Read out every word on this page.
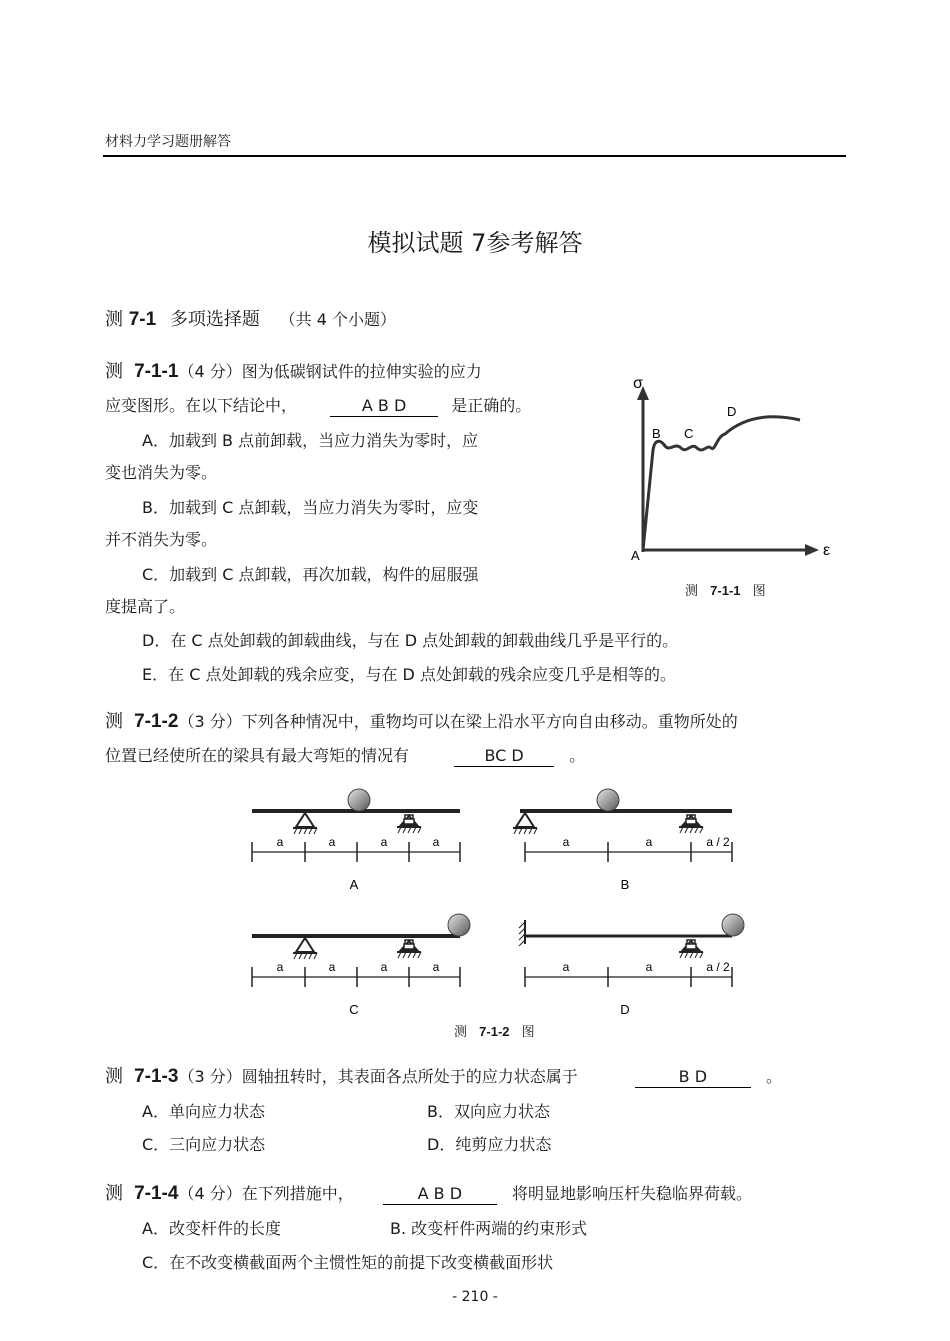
材料力学习题册解答
模拟试题 7参考解答
测 7-1 多项选择题 （共 4 个小题）
测 7-1-1（4 分）图为低碳钢试件的拉伸实验的应力
应变图形。在以下结论中，	A B D	是正确的。
A．加载到 B 点前卸载，当应力消失为零时，应
变也消失为零。
B．加载到 C 点卸载，当应力消失为零时，应变
并不消失为零。
C．加载到 C 点卸载，再次加载，构件的屈服强
度提高了。
D．在 C 点处卸载的卸载曲线，与在 D 点处卸载的卸载曲线几乎是平行的。
E．在 C 点处卸载的残余应变，与在 D 点处卸载的残余应变几乎是相等的。
σ
ε
A
B C
D
测 7-1-1 图
测 7-1-2（3 分）下列各种情况中，重物均可以在梁上沿水平方向自由移动。重物所处的
位置已经使所在的梁具有最大弯矩的情况有	BC D	。
a	a	a	a
A
a	a	a / 2
B
a	a	a	a
C
a	a	a / 2
D
测 7-1-2 图
测 7-1-3（3 分）圆轴扭转时，其表面各点所处于的应力状态属于	B D	。
A．单向应力状态	B．双向应力状态
C．三向应力状态	D．纯剪应力状态
测 7-1-4（4 分）在下列措施中，	A B D	将明显地影响压杆失稳临界荷载。
A．改变杆件的长度	B. 改变杆件两端的约束形式
C．在不改变横截面两个主惯性矩的前提下改变横截面形状
- 210 -
